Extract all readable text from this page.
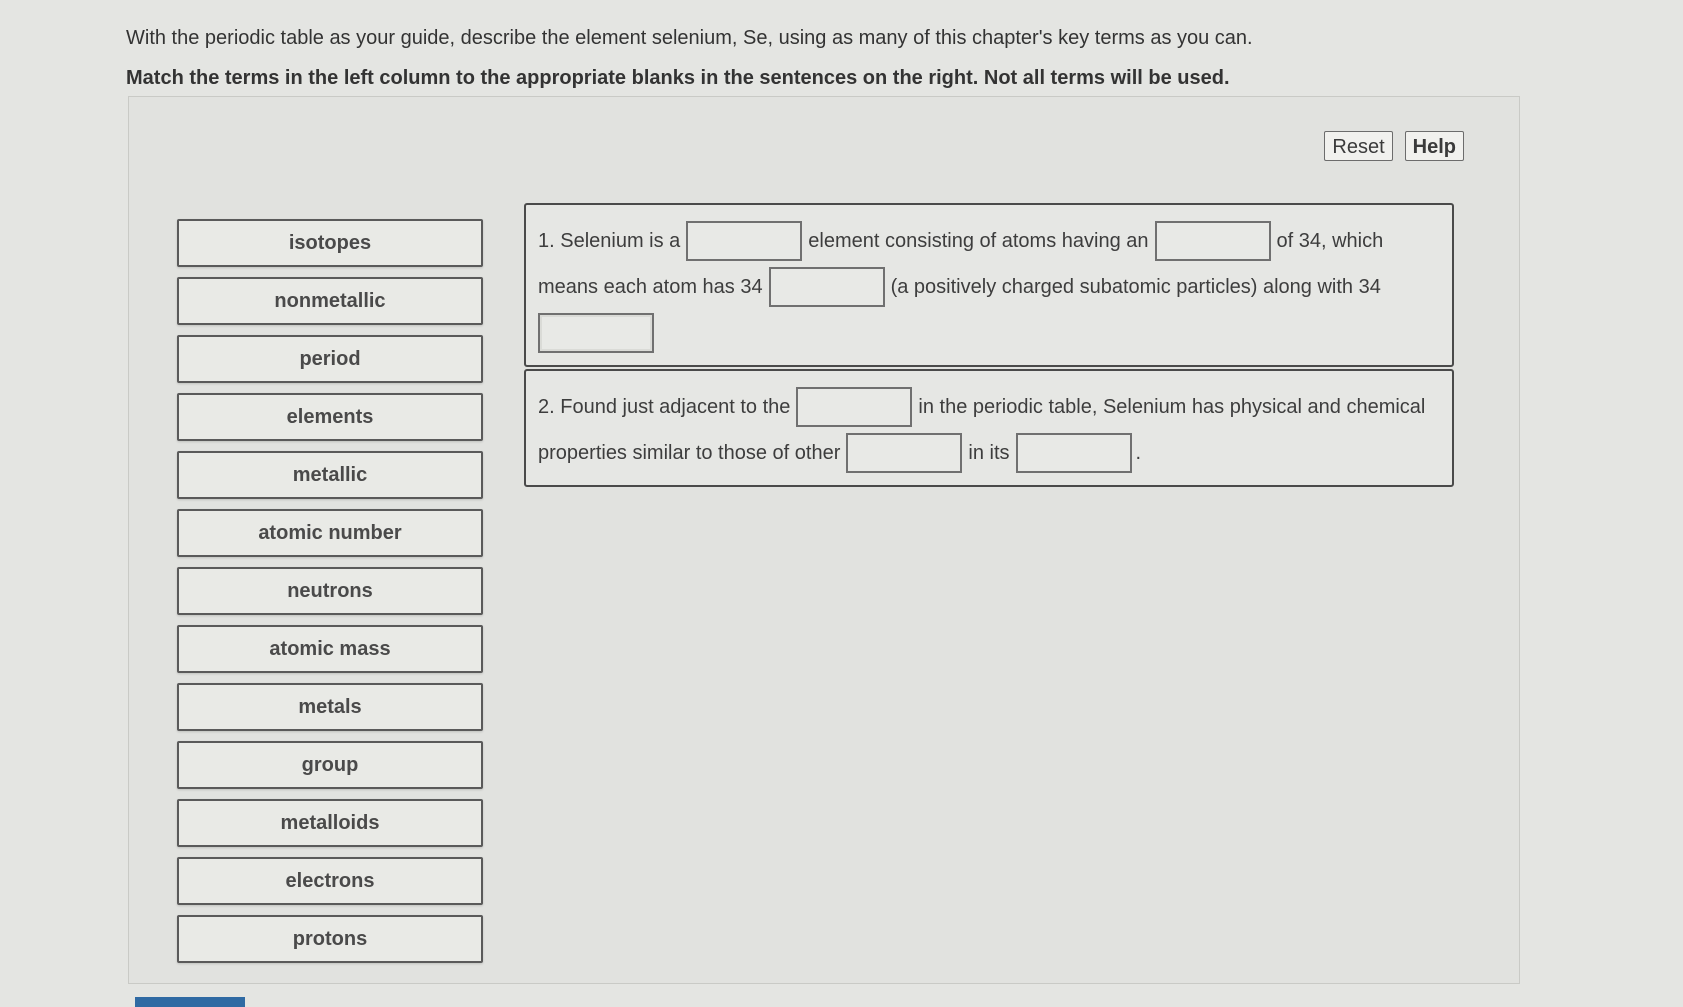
With the periodic table as your guide, describe the element selenium, Se, using as many of this chapter's key terms as you can.
Match the terms in the left column to the appropriate blanks in the sentences on the right. Not all terms will be used.
Reset	Help
isotopes
nonmetallic
period
elements
metallic
atomic number
neutrons
atomic mass
metals
group
metalloids
electrons
protons
1. Selenium is a	element consisting of atoms having an	of 34, which
means each atom has 34	(a positively charged subatomic particles) along with 34
2. Found just adjacent to the	in the periodic table, Selenium has physical and chemical
properties similar to those of other	in its	.
